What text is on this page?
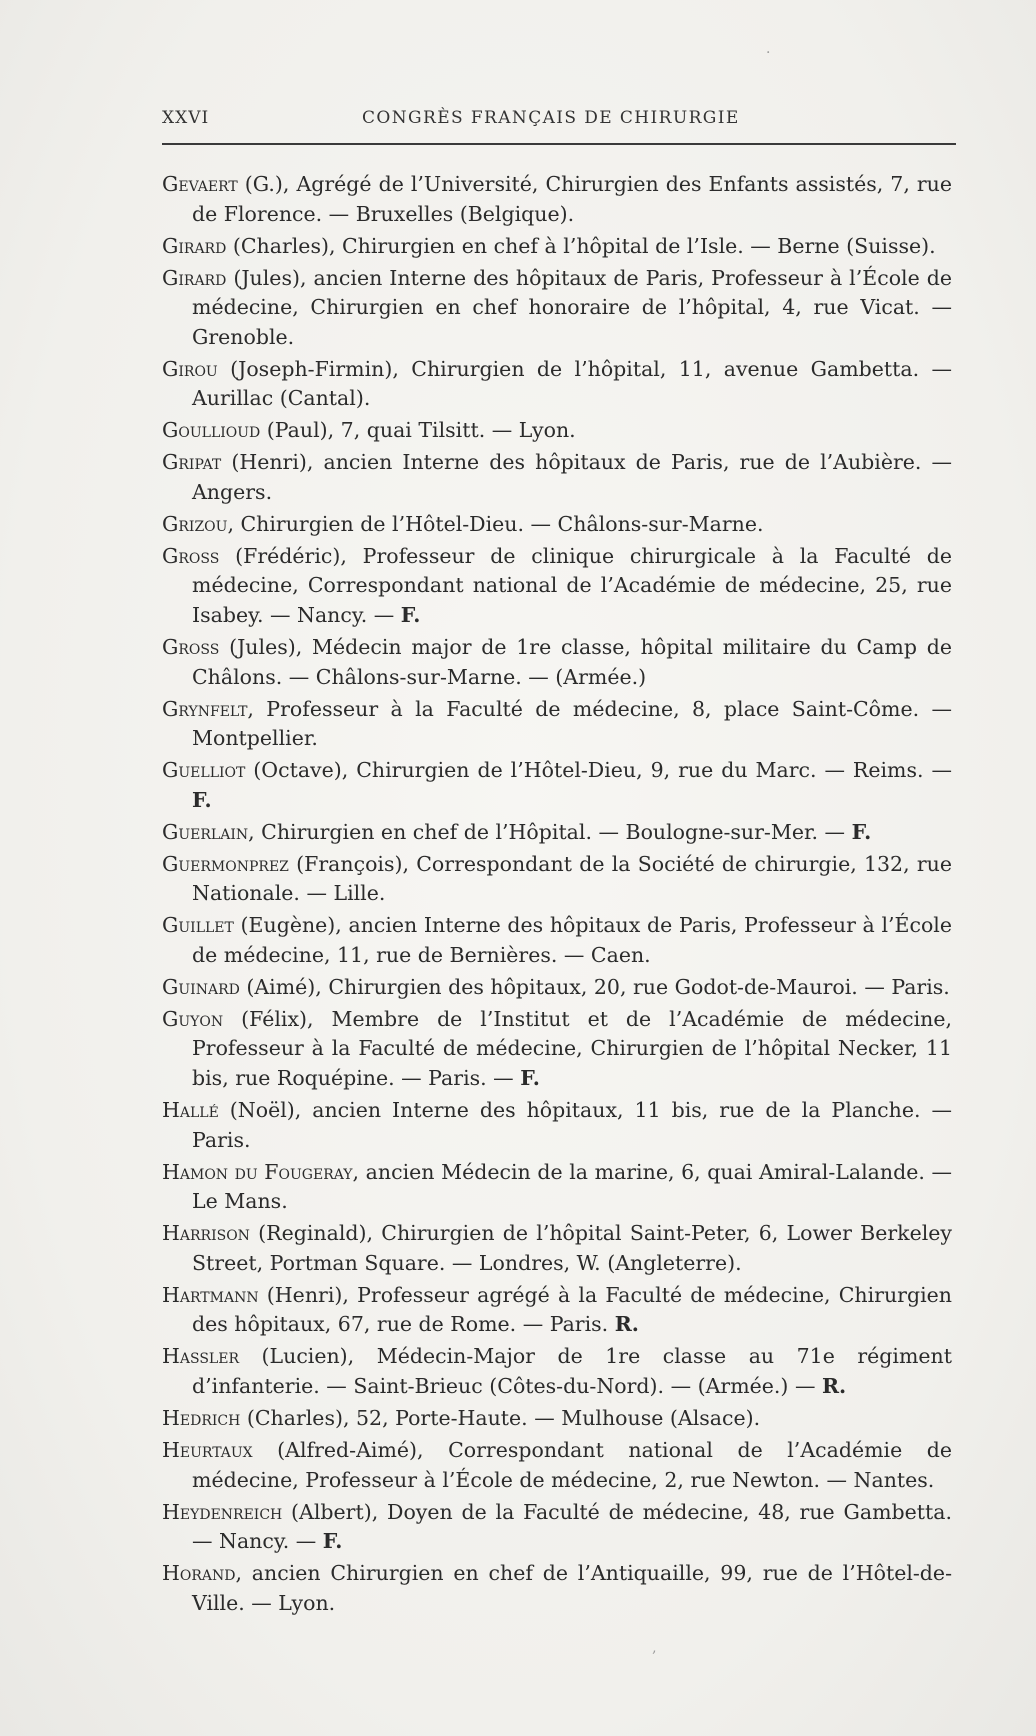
XXVI	CONGRÈS FRANÇAIS DE CHIRURGIE

Gevaert (G.), Agrégé de l’Université, Chirurgien des Enfants assistés, 7, rue de Florence. — Bruxelles (Belgique).

Girard (Charles), Chirurgien en chef à l’hôpital de l’Isle. — Berne (Suisse).

Girard (Jules), ancien Interne des hôpitaux de Paris, Professeur à l’École de médecine, Chirurgien en chef honoraire de l’hôpital, 4, rue Vicat. — Grenoble.

Girou (Joseph-Firmin), Chirurgien de l’hôpital, 11, avenue Gambetta. — Aurillac (Cantal).

Goullioud (Paul), 7, quai Tilsitt. — Lyon.

Gripat (Henri), ancien Interne des hôpitaux de Paris, rue de l’Aubière. — Angers.

Grizou, Chirurgien de l’Hôtel-Dieu. — Châlons-sur-Marne.

Gross (Frédéric), Professeur de clinique chirurgicale à la Faculté de médecine, Correspondant national de l’Académie de médecine, 25, rue Isabey. — Nancy. — F.

Gross (Jules), Médecin major de 1re classe, hôpital militaire du Camp de Châlons. — Châlons-sur-Marne. — (Armée.)

Grynfelt, Professeur à la Faculté de médecine, 8, place Saint-Côme. — Montpellier.

Guelliot (Octave), Chirurgien de l’Hôtel-Dieu, 9, rue du Marc. — Reims. — F.

Guerlain, Chirurgien en chef de l’Hôpital. — Boulogne-sur-Mer. — F.

Guermonprez (François), Correspondant de la Société de chirurgie, 132, rue Nationale. — Lille.

Guillet (Eugène), ancien Interne des hôpitaux de Paris, Professeur à l’École de médecine, 11, rue de Bernières. — Caen.

Guinard (Aimé), Chirurgien des hôpitaux, 20, rue Godot-de-Mauroi. — Paris.

Guyon (Félix), Membre de l’Institut et de l’Académie de médecine, Professeur à la Faculté de médecine, Chirurgien de l’hôpital Necker, 11 bis, rue Roquépine. — Paris. — F.

Hallé (Noël), ancien Interne des hôpitaux, 11 bis, rue de la Planche. — Paris.

Hamon du Fougeray, ancien Médecin de la marine, 6, quai Amiral-Lalande. — Le Mans.

Harrison (Reginald), Chirurgien de l’hôpital Saint-Peter, 6, Lower Berkeley Street, Portman Square. — Londres, W. (Angleterre).

Hartmann (Henri), Professeur agrégé à la Faculté de médecine, Chirurgien des hôpitaux, 67, rue de Rome. — Paris. R.

Hassler (Lucien), Médecin-Major de 1re classe au 71e régiment d’infanterie. — Saint-Brieuc (Côtes-du-Nord). — (Armée.) — R.

Hedrich (Charles), 52, Porte-Haute. — Mulhouse (Alsace).

Heurtaux (Alfred-Aimé), Correspondant national de l’Académie de médecine, Professeur à l’École de médecine, 2, rue Newton. — Nantes.

Heydenreich (Albert), Doyen de la Faculté de médecine, 48, rue Gambetta. — Nancy. — F.

Horand, ancien Chirurgien en chef de l’Antiquaille, 99, rue de l’Hôtel-de-Ville. — Lyon.

·
‚
